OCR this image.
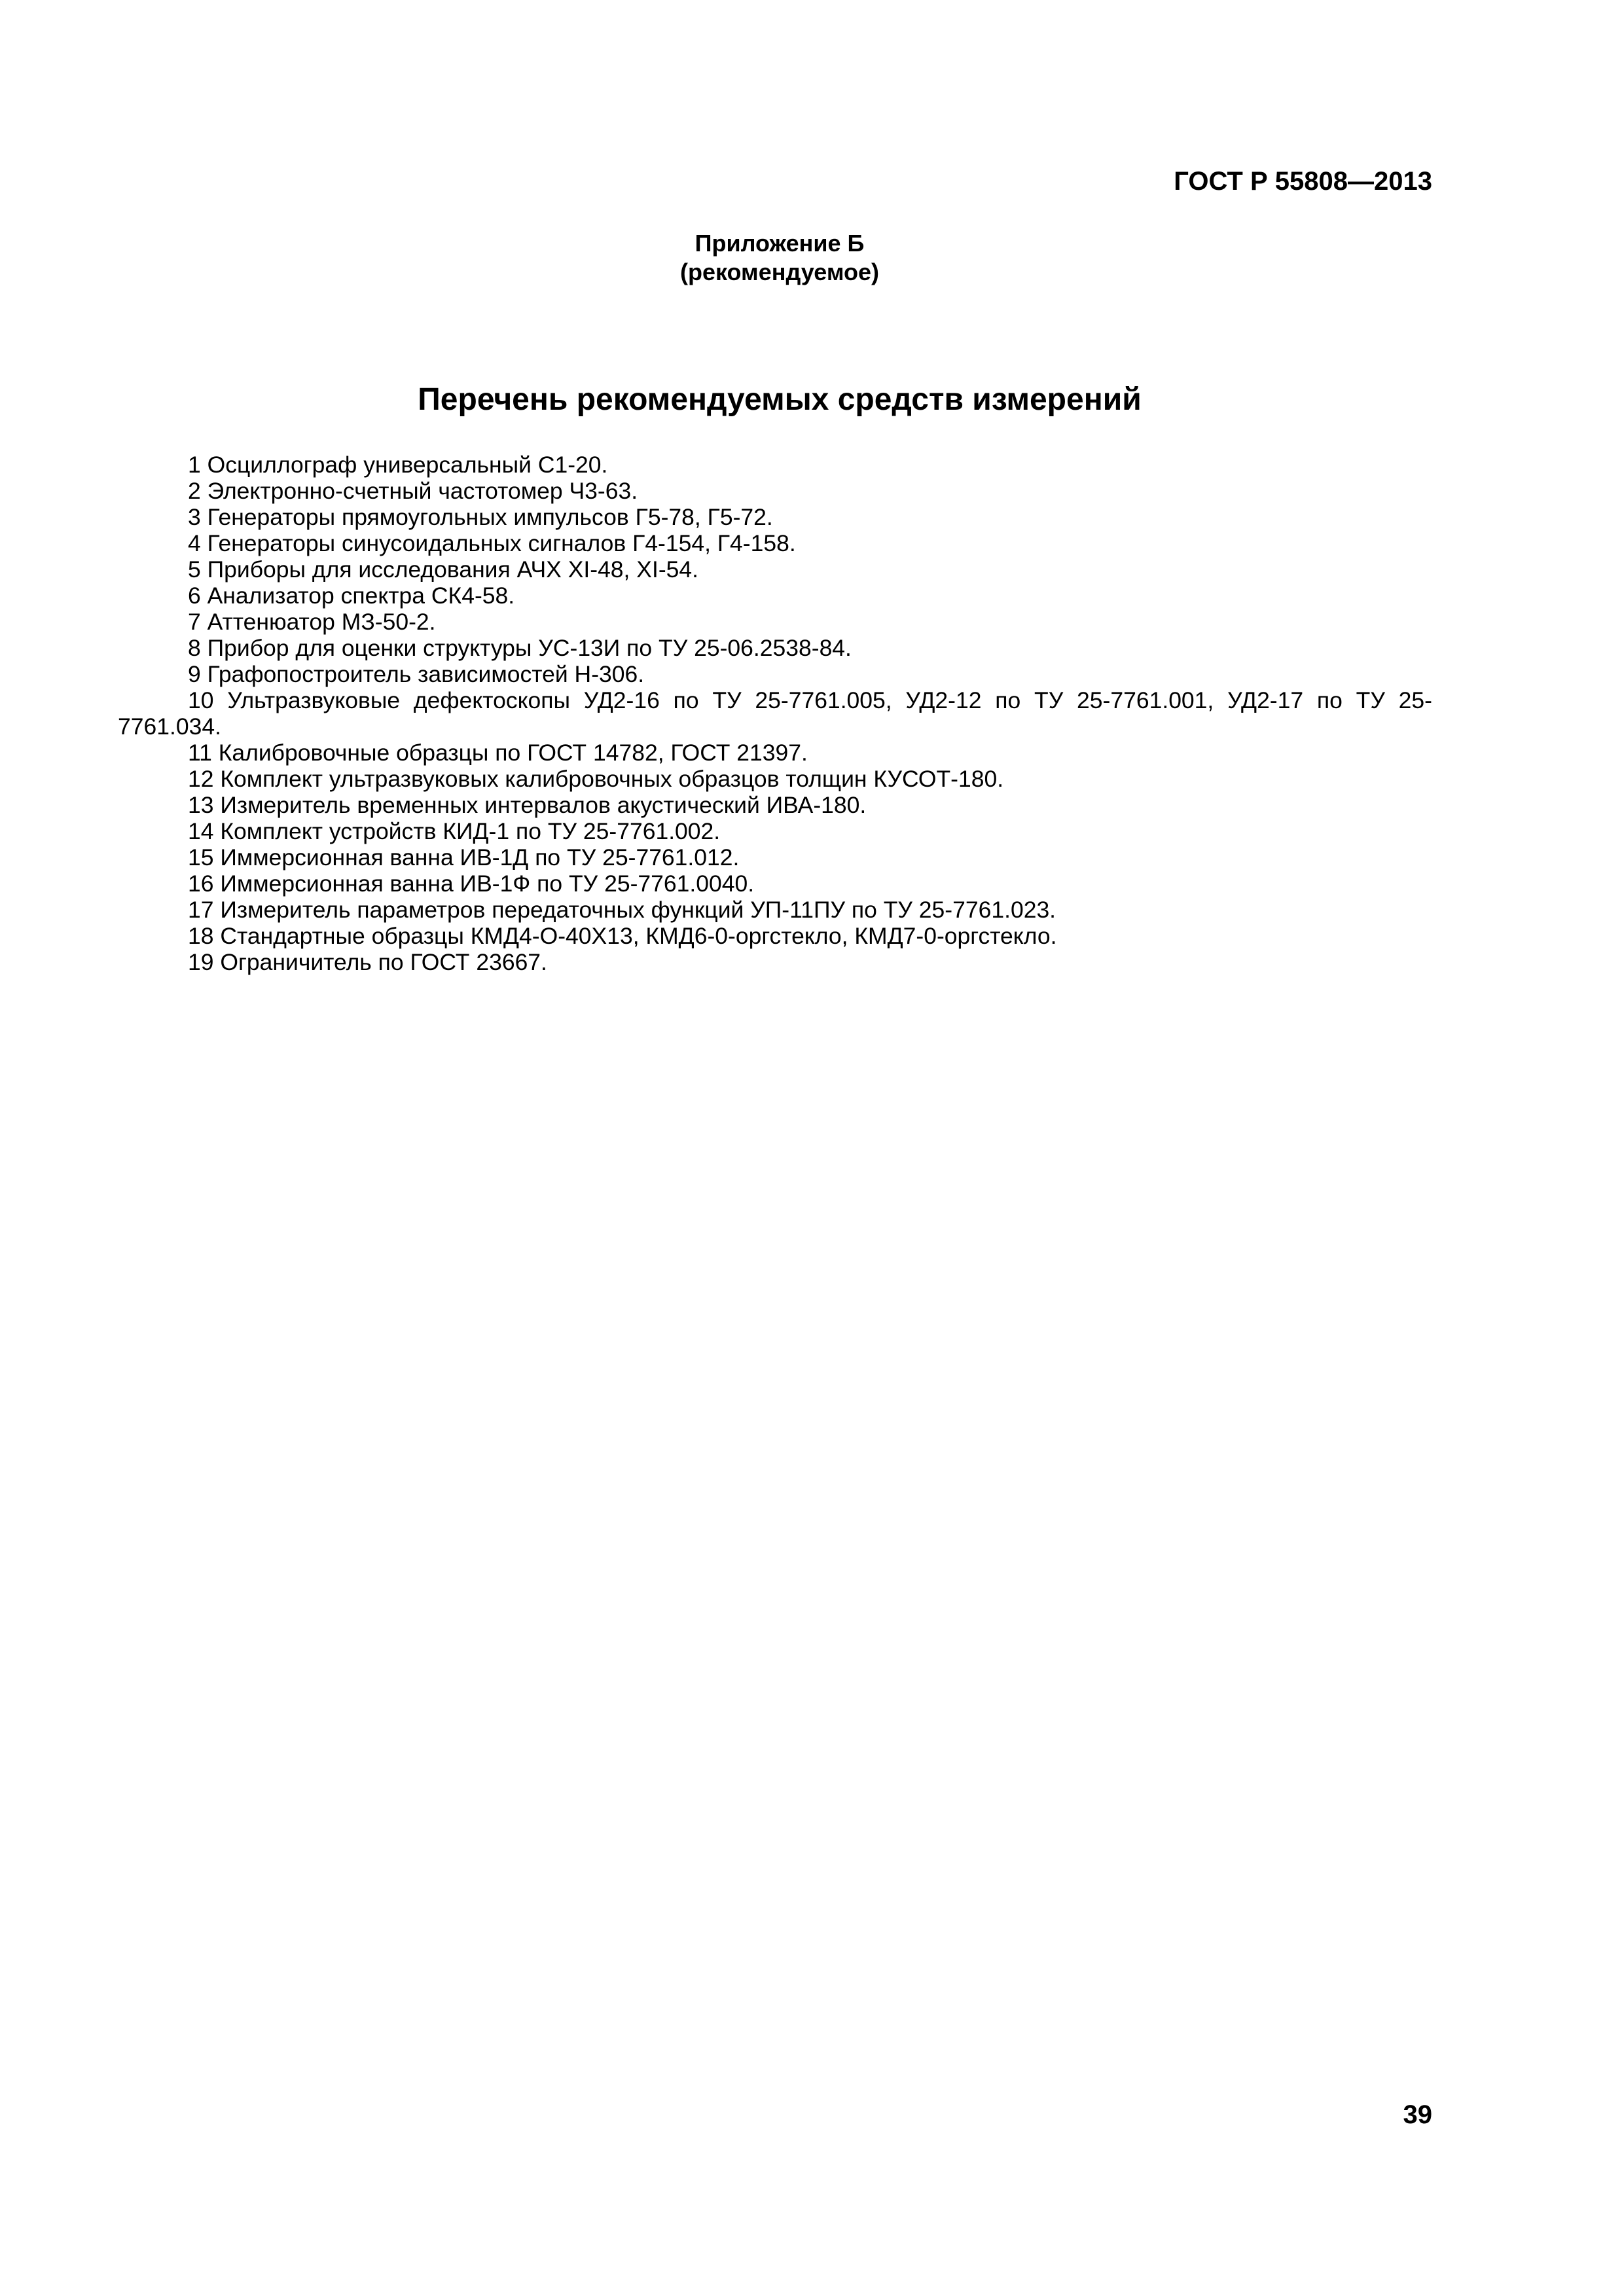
ГОСТ Р 55808—2013
Приложение Б
(рекомендуемое)
Перечень рекомендуемых средств измерений
1 Осциллограф универсальный С1-20.
2 Электронно-счетный частотомер Ч3-63.
3 Генераторы прямоугольных импульсов Г5-78, Г5-72.
4 Генераторы синусоидальных сигналов Г4-154, Г4-158.
5 Приборы для исследования АЧХ XI-48, XI-54.
6 Анализатор спектра СК4-58.
7 Аттенюатор МЗ-50-2.
8 Прибор для оценки структуры УС-13И по ТУ 25-06.2538-84.
9 Графопостроитель зависимостей Н-306.
10 Ультразвуковые дефектоскопы УД2-16 по ТУ 25-7761.005, УД2-12 по ТУ 25-7761.001, УД2-17 по ТУ 25-7761.034.
11 Калибровочные образцы по ГОСТ 14782, ГОСТ 21397.
12 Комплект ультразвуковых калибровочных образцов толщин КУСОТ-180.
13 Измеритель временных интервалов акустический ИВА-180.
14 Комплект устройств КИД-1 по ТУ 25-7761.002.
15 Иммерсионная ванна ИВ-1Д по ТУ 25-7761.012.
16 Иммерсионная ванна ИВ-1Ф по ТУ 25-7761.0040.
17 Измеритель параметров передаточных функций УП-11ПУ по ТУ 25-7761.023.
18 Стандартные образцы КМД4-О-40Х13, КМД6-0-оргстекло, КМД7-0-оргстекло.
19 Ограничитель по ГОСТ 23667.
39
